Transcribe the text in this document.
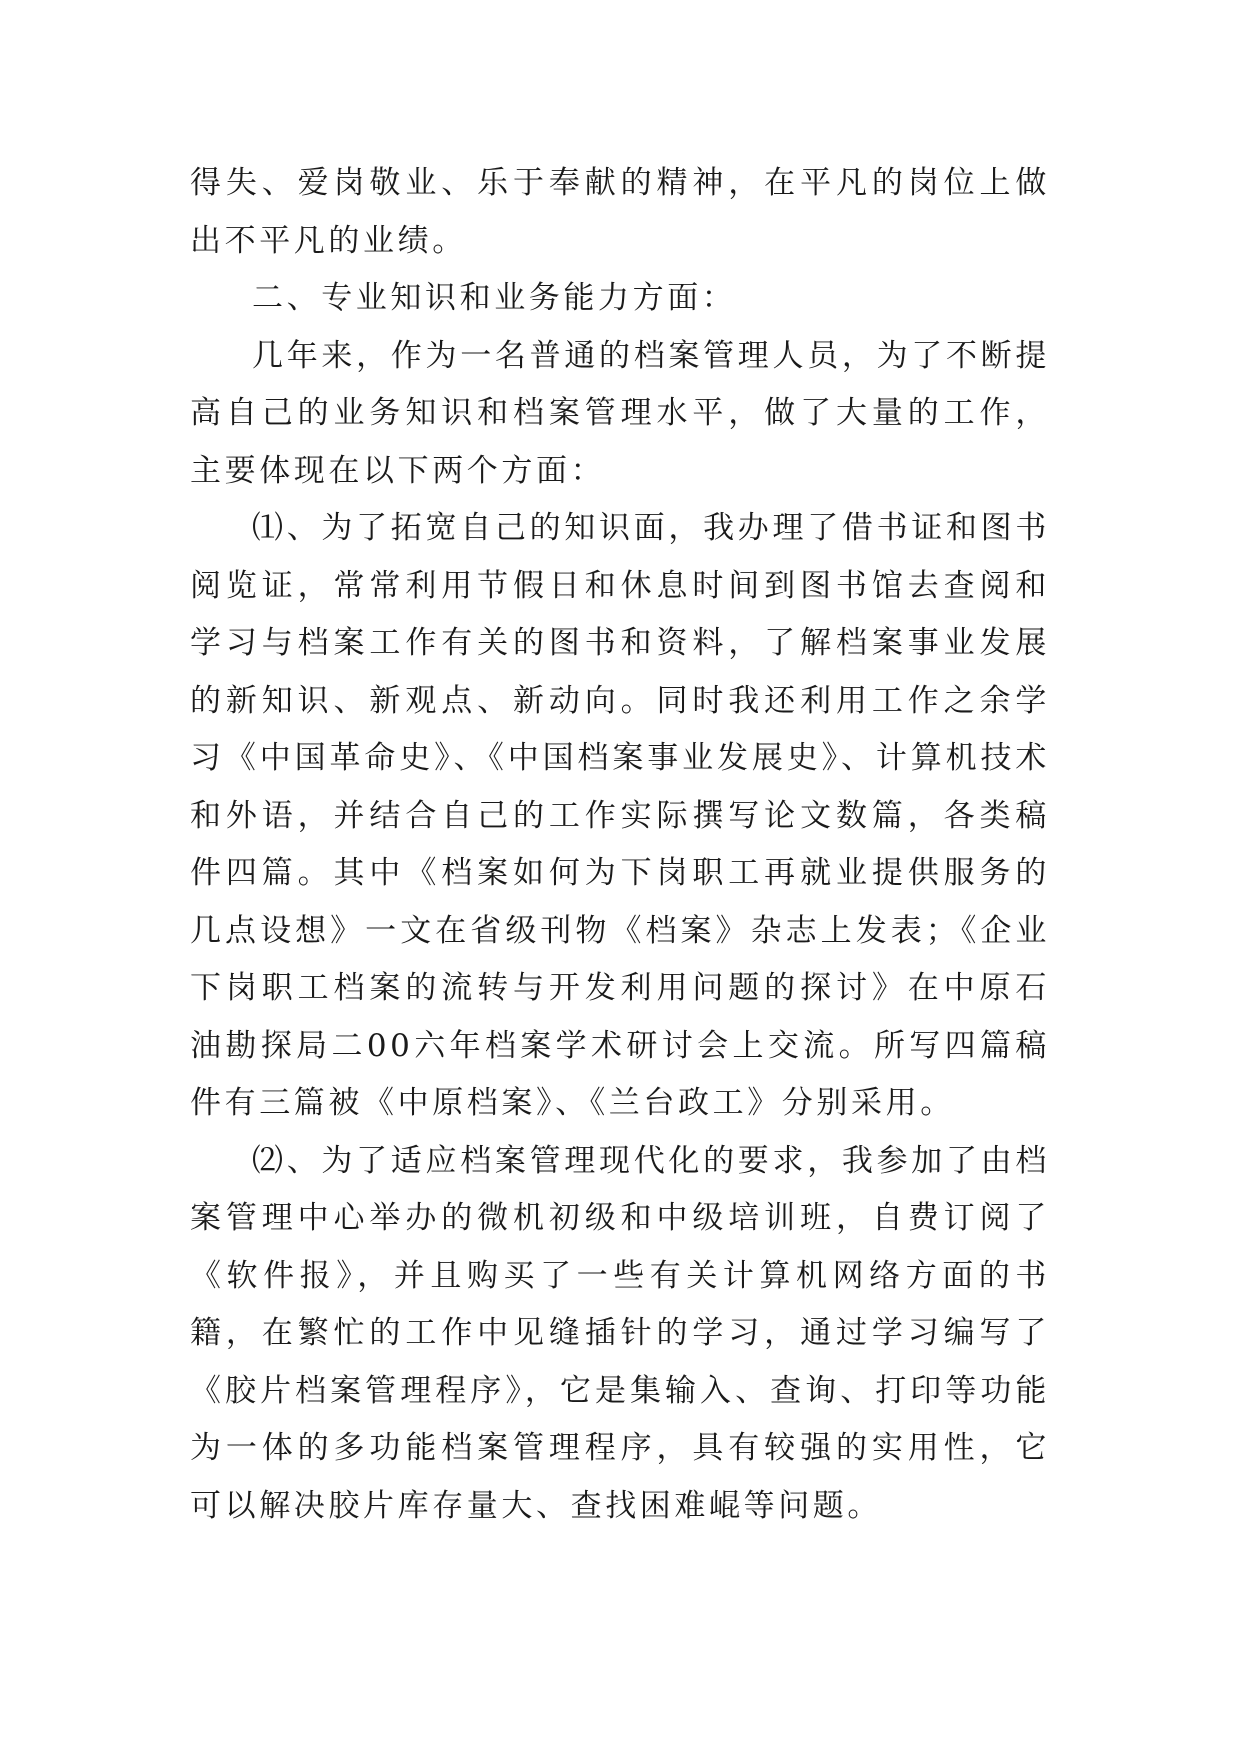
得失、爱岗敬业、乐于奉献的精神，在平凡的岗位上做出不平凡的业绩。

二、专业知识和业务能力方面：

几年来，作为一名普通的档案管理人员，为了不断提高自己的业务知识和档案管理水平，做了大量的工作，主要体现在以下两个方面：

⑴、为了拓宽自己的知识面，我办理了借书证和图书阅览证，常常利用节假日和休息时间到图书馆去查阅和学习与档案工作有关的图书和资料，了解档案事业发展的新知识、新观点、新动向。同时我还利用工作之余学习《中国革命史》、《中国档案事业发展史》、计算机技术和外语，并结合自己的工作实际撰写论文数篇，各类稿件四篇。其中《档案如何为下岗职工再就业提供服务的几点设想》一文在省级刊物《档案》杂志上发表；《企业下岗职工档案的流转与开发利用问题的探讨》在中原石油勘探局二00六年档案学术研讨会上交流。所写四篇稿件有三篇被《中原档案》、《兰台政工》分别采用。

⑵、为了适应档案管理现代化的要求，我参加了由档案管理中心举办的微机初级和中级培训班，自费订阅了《软件报》，并且购买了一些有关计算机网络方面的书籍，在繁忙的工作中见缝插针的学习，通过学习编写了《胶片档案管理程序》，它是集输入、查询、打印等功能为一体的多功能档案管理程序，具有较强的实用性，它可以解决胶片库存量大、查找困难崐等问题。
